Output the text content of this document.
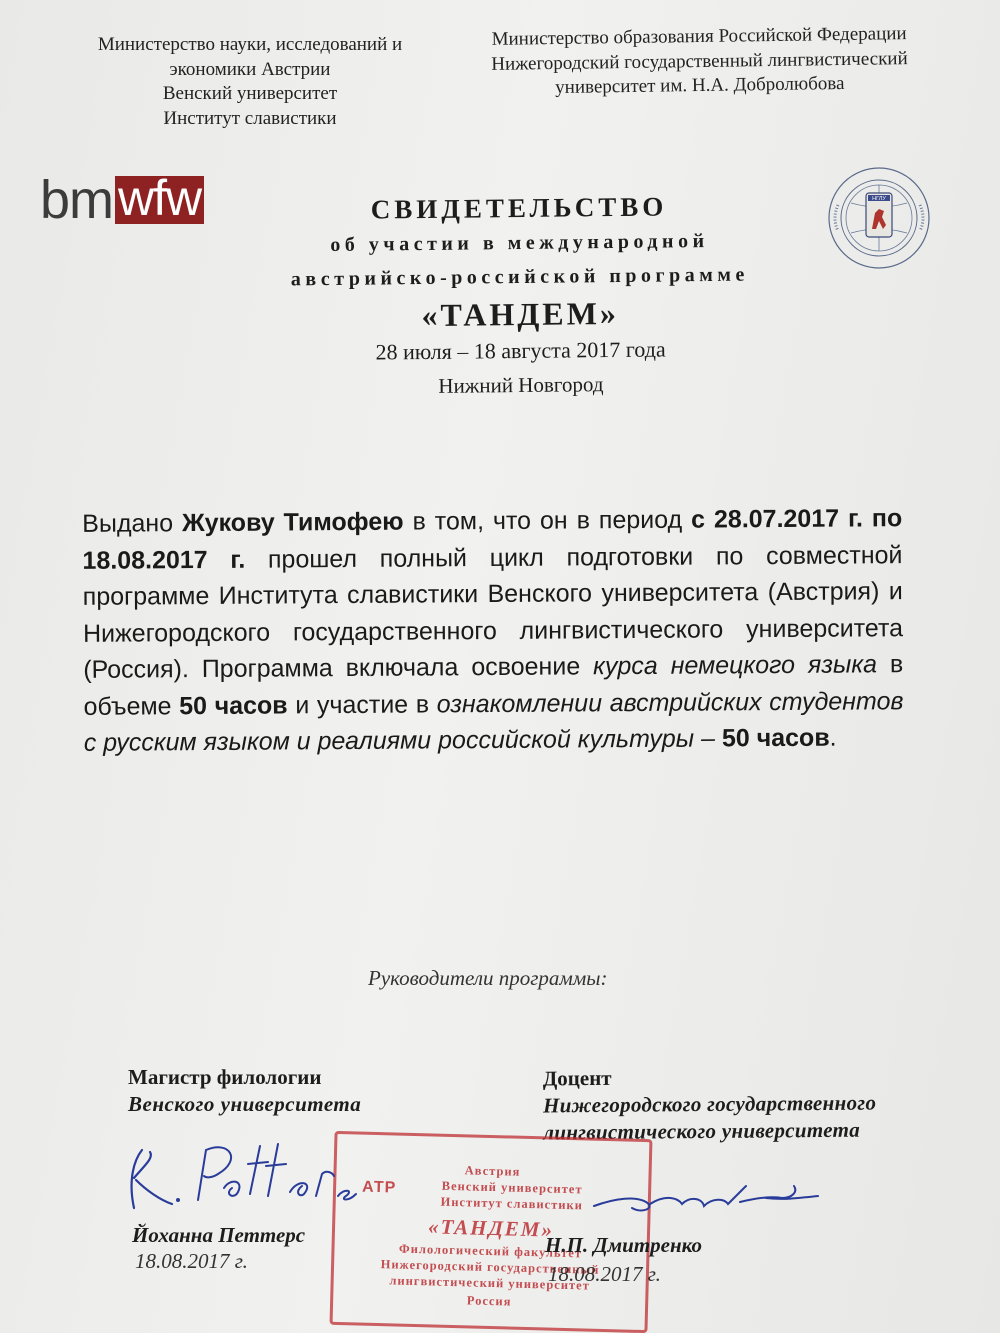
Министерство науки, исследований и
экономики Австрии
Венский университет
Институт славистики
Министерство образования Российской Федерации
Нижегородский государственный лингвистический
университет им. Н.А. Добролюбова
bm wfw	НГЛУ
СВИДЕТЕЛЬСТВО
об участии в международной
австрийско-российской программе
«ТАНДЕМ»
28 июля – 18 августа 2017 года
Нижний Новгород
Выдано Жукову Тимофею в том, что он в период с 28.07.2017 г. по 18.08.2017 г. прошел полный цикл подготовки по совместной программе Института славистики Венского университета (Австрия) и Нижегородского государственного лингвистического университета (Россия). Программа включала освоение курса немецкого языка в объеме 50 часов и участие в ознакомлении австрийских студентов с русским языком и реалиями российской культуры – 50 часов.
Руководители программы:
Магистр филологии
Венского университета
Доцент
Нижегородского государственного
лингвистического университета
АТР
Австрия
Венский университет
Институт славистики
«ТАНДЕМ»
Филологический факультет
Нижегородский государственный
лингвистический университет
Россия
Йоханна Петтерс
18.08.2017 г.
Н.П. Дмитренко
18.08.2017 г.
